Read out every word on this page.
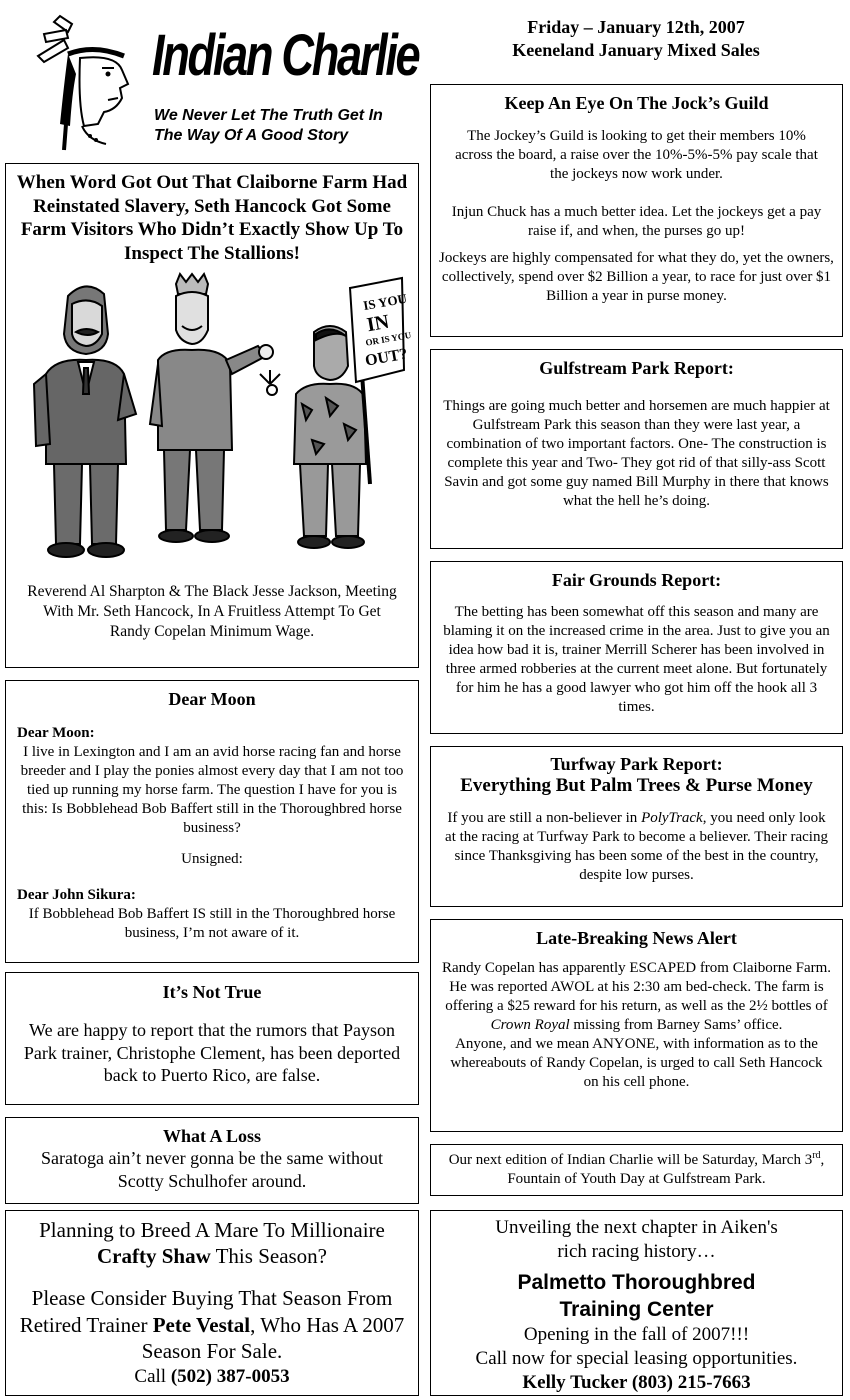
Indian Charlie
We Never Let The Truth Get In The Way Of A Good Story
Friday – January 12th, 2007
Keeneland January Mixed Sales
When Word Got Out That Claiborne Farm Had Reinstated Slavery, Seth Hancock Got Some Farm Visitors Who Didn’t Exactly Show Up To Inspect The Stallions!
IS YOU
IN
OR IS YOU
OUT?
Reverend Al Sharpton & The Black Jesse Jackson, Meeting With Mr. Seth Hancock, In A Fruitless Attempt To Get Randy Copelan Minimum Wage.
Dear Moon
Dear Moon:
I live in Lexington and I am an avid horse racing fan and horse breeder and I play the ponies almost every day that I am not too tied up running my horse farm. The question I have for you is this: Is Bobblehead Bob Baffert still in the Thoroughbred horse business?
Unsigned:
Dear John Sikura:
If Bobblehead Bob Baffert IS still in the Thoroughbred horse business, I’m not aware of it.
It’s Not True
We are happy to report that the rumors that Payson Park trainer, Christophe Clement, has been deported back to Puerto Rico, are false.
What A Loss
Saratoga ain’t never gonna be the same without Scotty Schulhofer around.
Planning to Breed A Mare To Millionaire Crafty Shaw This Season?
Please Consider Buying That Season From Retired Trainer Pete Vestal, Who Has A 2007 Season For Sale.
Call (502) 387-0053
Keep An Eye On The Jock’s Guild
The Jockey’s Guild is looking to get their members 10% across the board, a raise over the 10%-5%-5% pay scale that the jockeys now work under.
Injun Chuck has a much better idea. Let the jockeys get a pay raise if, and when, the purses go up!
Jockeys are highly compensated for what they do, yet the owners, collectively, spend over $2 Billion a year, to race for just over $1 Billion a year in purse money.
Gulfstream Park Report:
Things are going much better and horsemen are much happier at Gulfstream Park this season than they were last year, a combination of two important factors. One- The construction is complete this year and Two- They got rid of that silly-ass Scott Savin and got some guy named Bill Murphy in there that knows what the hell he’s doing.
Fair Grounds Report:
The betting has been somewhat off this season and many are blaming it on the increased crime in the area. Just to give you an idea how bad it is, trainer Merrill Scherer has been involved in three armed robberies at the current meet alone. But fortunately for him he has a good lawyer who got him off the hook all 3 times.
Turfway Park Report:
Everything But Palm Trees & Purse Money
If you are still a non-believer in PolyTrack, you need only look at the racing at Turfway Park to become a believer. Their racing since Thanksgiving has been some of the best in the country, despite low purses.
Late-Breaking News Alert
Randy Copelan has apparently ESCAPED from Claiborne Farm. He was reported AWOL at his 2:30 am bed-check. The farm is offering a $25 reward for his return, as well as the 2½ bottles of Crown Royal missing from Barney Sams’ office.
Anyone, and we mean ANYONE, with information as to the whereabouts of Randy Copelan, is urged to call Seth Hancock on his cell phone.
Our next edition of Indian Charlie will be Saturday, March 3rd, Fountain of Youth Day at Gulfstream Park.
Unveiling the next chapter in Aiken's rich racing history…
Palmetto Thoroughbred Training Center
Opening in the fall of 2007!!!
Call now for special leasing opportunities.
Kelly Tucker (803) 215-7663
